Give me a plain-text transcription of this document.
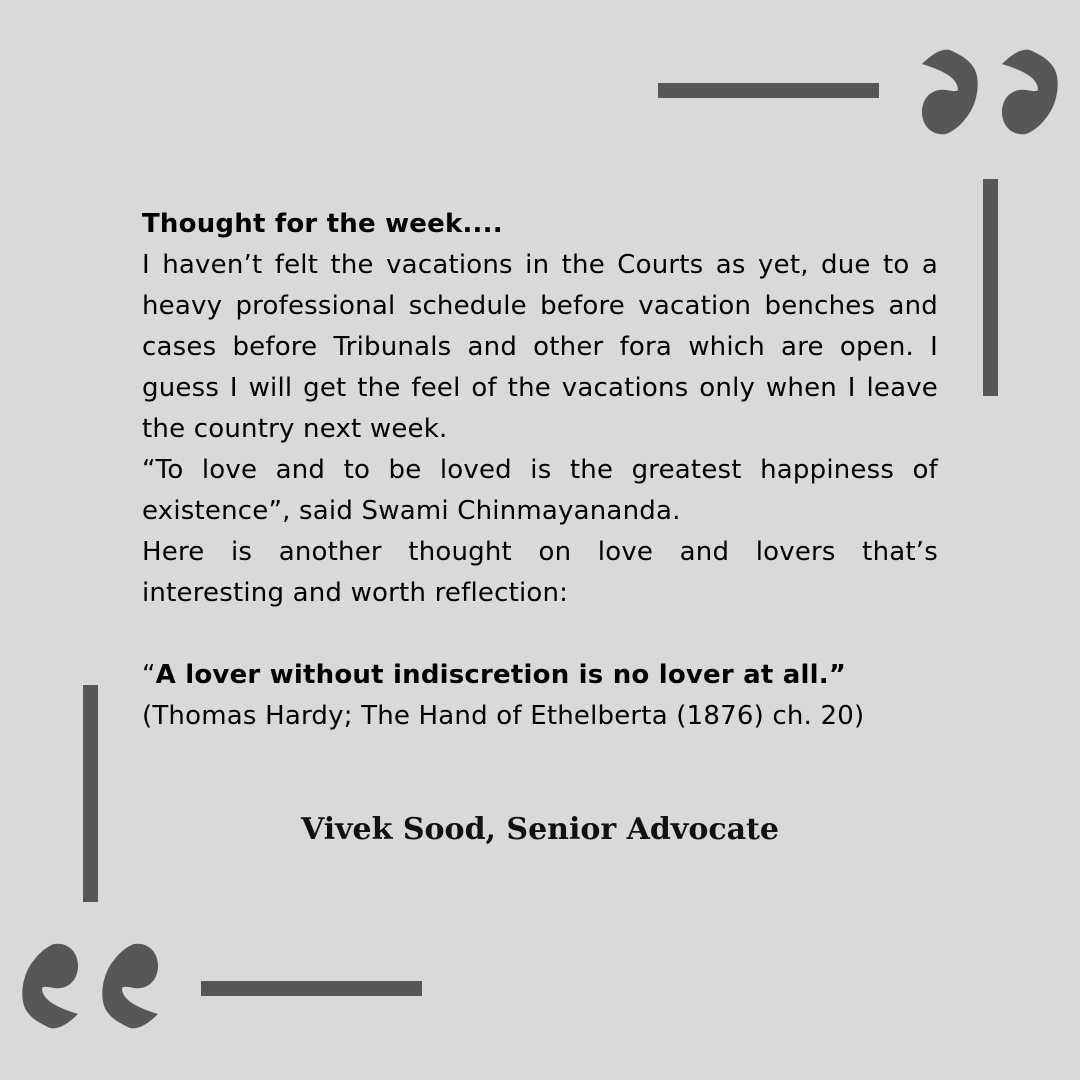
Thought for the week....

I haven’t felt the vacations in the Courts as yet, due to a heavy professional schedule before vacation benches and cases before Tribunals and other fora which are open. I guess I will get the feel of the vacations only when I leave the country next week.

“To love and to be loved is the greatest happiness of existence”, said Swami Chinmayananda.

Here is another thought on love and lovers that’s interesting and worth reflection:

“A lover without indiscretion is no lover at all.”

(Thomas Hardy; The Hand of Ethelberta (1876) ch. 20)

Vivek Sood, Senior Advocate
